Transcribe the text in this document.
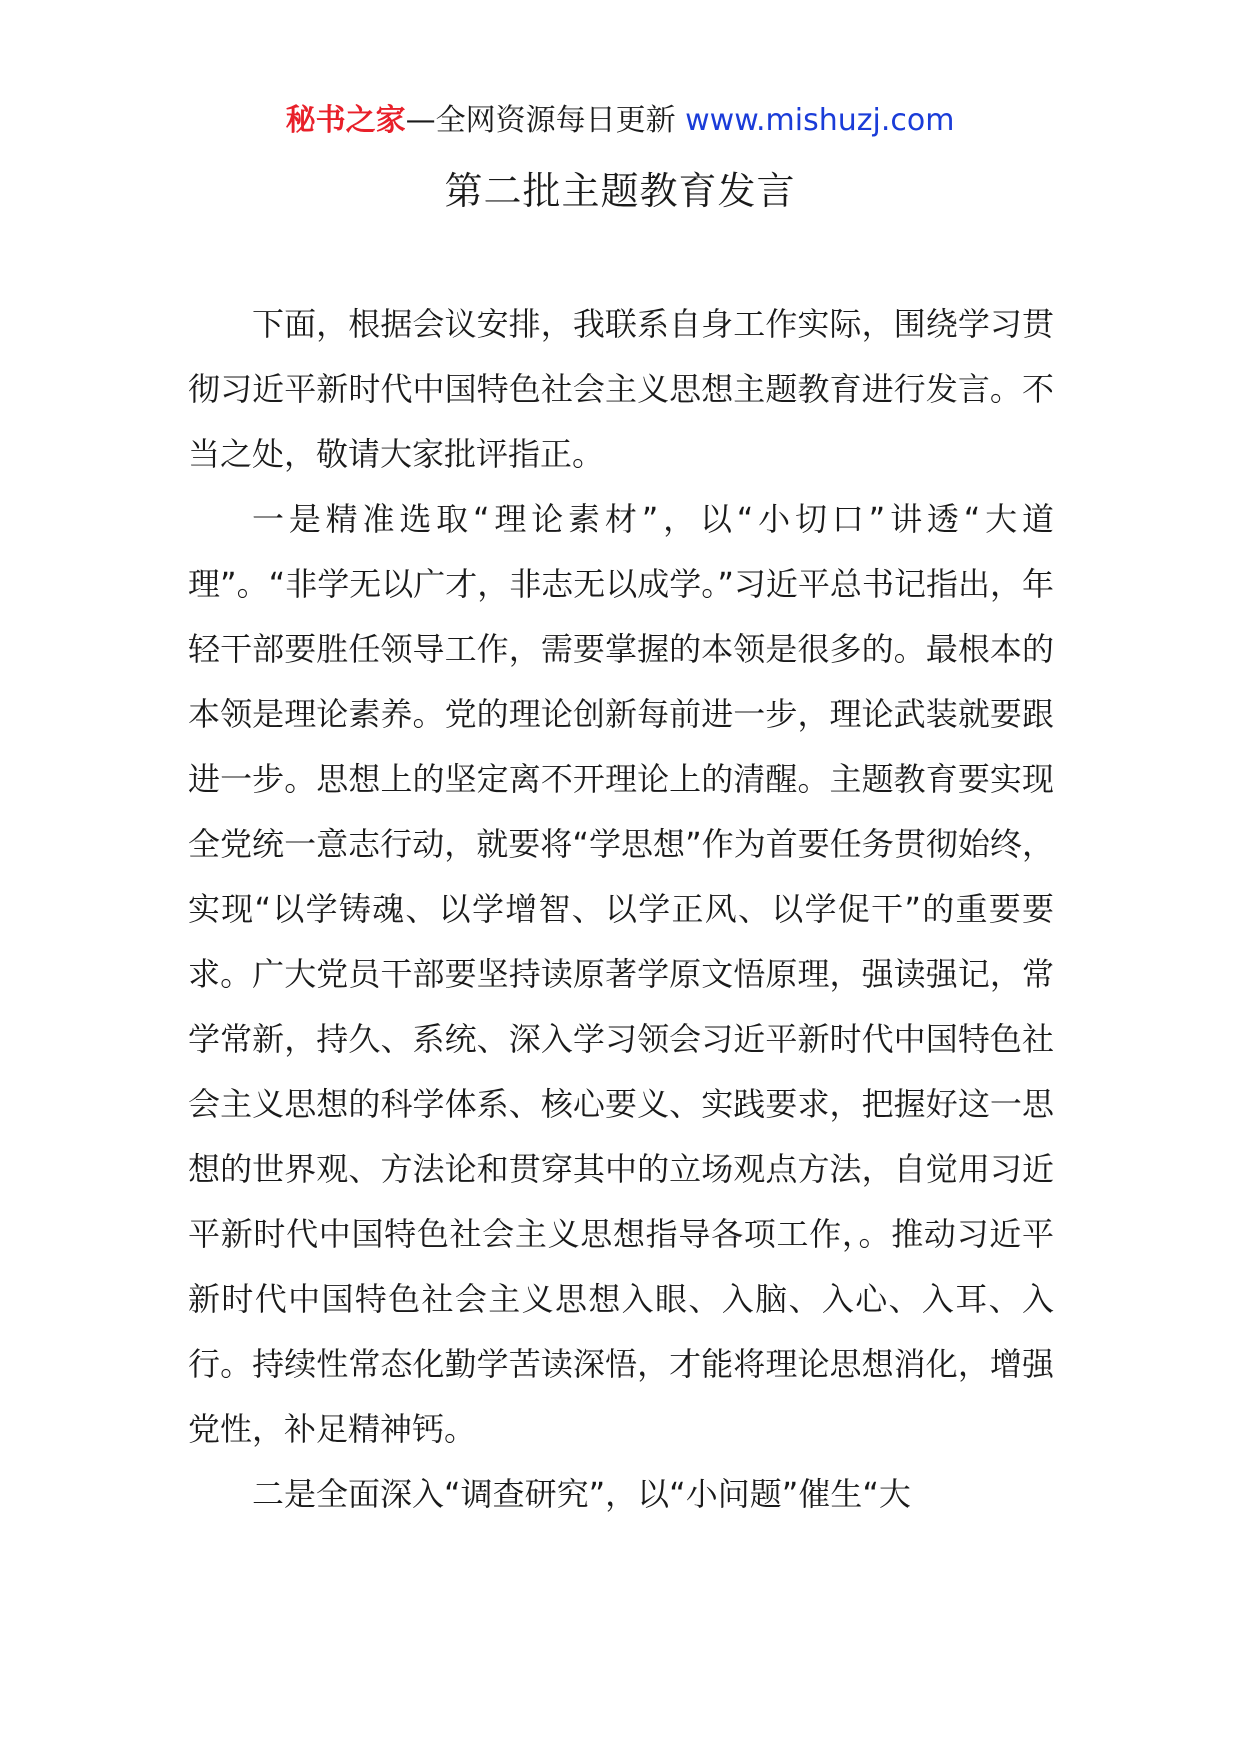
秘书之家—全网资源每日更新 www.mishuzj.com
第二批主题教育发言

下面，根据会议安排，我联系自身工作实际，围绕学习贯彻习近平新时代中国特色社会主义思想主题教育进行发言。不当之处，敬请大家批评指正。

一是精准选取“理论素材”，以“小切口”讲透“大道理”。“非学无以广才，非志无以成学。”习近平总书记指出，年轻干部要胜任领导工作，需要掌握的本领是很多的。最根本的本领是理论素养。党的理论创新每前进一步，理论武装就要跟进一步。思想上的坚定离不开理论上的清醒。主题教育要实现全党统一意志行动，就要将“学思想”作为首要任务贯彻始终，实现“以学铸魂、以学增智、以学正风、以学促干”的重要要求。广大党员干部要坚持读原著学原文悟原理，强读强记，常学常新，持久、系统、深入学习领会习近平新时代中国特色社会主义思想的科学体系、核心要义、实践要求，把握好这一思想的世界观、方法论和贯穿其中的立场观点方法，自觉用习近平新时代中国特色社会主义思想指导各项工作，。推动习近平新时代中国特色社会主义思想入眼、入脑、入心、入耳、入行。持续性常态化勤学苦读深悟，才能将理论思想消化，增强党性，补足精神钙。

二是全面深入“调查研究”，以“小问题”催生“大
